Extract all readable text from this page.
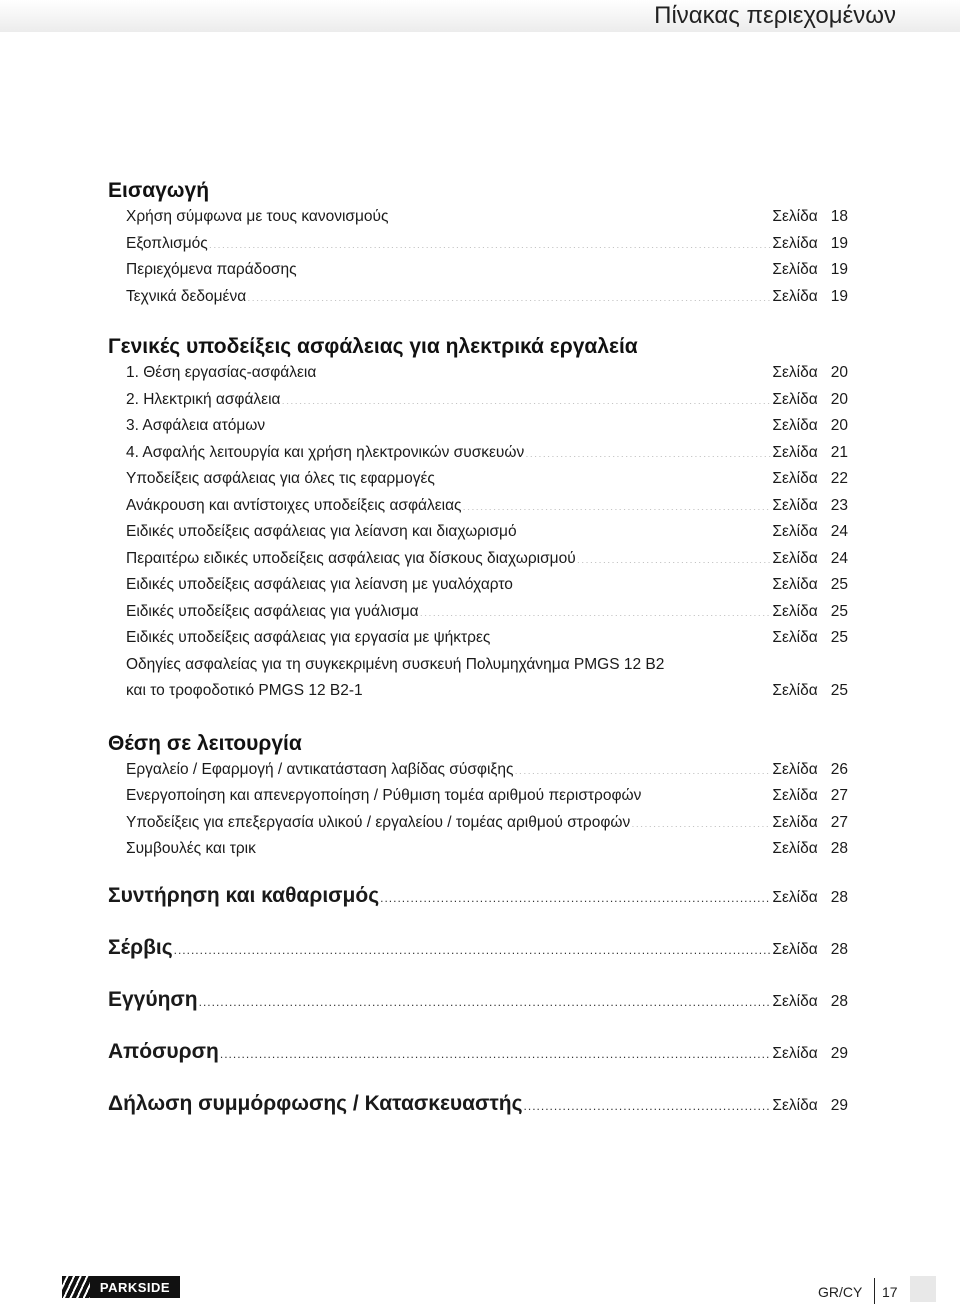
Πίνακας περιεχομένων
Εισαγωγή
Χρήση σύμφωνα με τους κανονισμούς .....	Σελίδα 18
Εξοπλισμός .....	Σελίδα 19
Περιεχόμενα παράδοσης .....	Σελίδα 19
Τεχνικά δεδομένα .....	Σελίδα 19
Γενικές υποδείξεις ασφάλειας για ηλεκτρικά εργαλεία
1. Θέση εργασίας-ασφάλεια .....	Σελίδα 20
2. Ηλεκτρική ασφάλεια .....	Σελίδα 20
3. Ασφάλεια ατόμων .....	Σελίδα 20
4. Ασφαλής λειτουργία και χρήση ηλεκτρονικών συσκευών .....	Σελίδα 21
Υποδείξεις ασφάλειας για όλες τις εφαρμογές .....	Σελίδα 22
Ανάκρουση και αντίστοιχες υποδείξεις ασφάλειας .....	Σελίδα 23
Ειδικές υποδείξεις ασφάλειας για λείανση και διαχωρισμό .....	Σελίδα 24
Περαιτέρω ειδικές υποδείξεις ασφάλειας για δίσκους διαχωρισμού .....	Σελίδα 24
Ειδικές υποδείξεις ασφάλειας για λείανση με γυαλόχαρτο .....	Σελίδα 25
Ειδικές υποδείξεις ασφάλειας για γυάλισμα .....	Σελίδα 25
Ειδικές υποδείξεις ασφάλειας για εργασία με ψήκτρες .....	Σελίδα 25
Οδηγίες ασφαλείας για τη συγκεκριμένη συσκευή Πολυμηχάνημα PMGS 12 B2
και το τροφοδοτικό PMGS 12 B2-1 .....	Σελίδα 25
Θέση σε λειτουργία
Εργαλείο / Εφαρμογή / αντικατάσταση λαβίδας σύσφιξης .....	Σελίδα 26
Ενεργοποίηση και απενεργοποίηση / Ρύθμιση τομέα αριθμού περιστροφών .....	Σελίδα 27
Υποδείξεις για επεξεργασία υλικού / εργαλείου / τομέας αριθμού στροφών .....	Σελίδα 27
Συμβουλές και τρικ .....	Σελίδα 28
Συντήρηση και καθαρισμός .....	Σελίδα 28
Σέρβις .....	Σελίδα 28
Εγγύηση .....	Σελίδα 28
Απόσυρση .....	Σελίδα 29
Δήλωση συμμόρφωσης / Κατασκευαστής .....	Σελίδα 29
PARKSIDE	GR/CY 17
